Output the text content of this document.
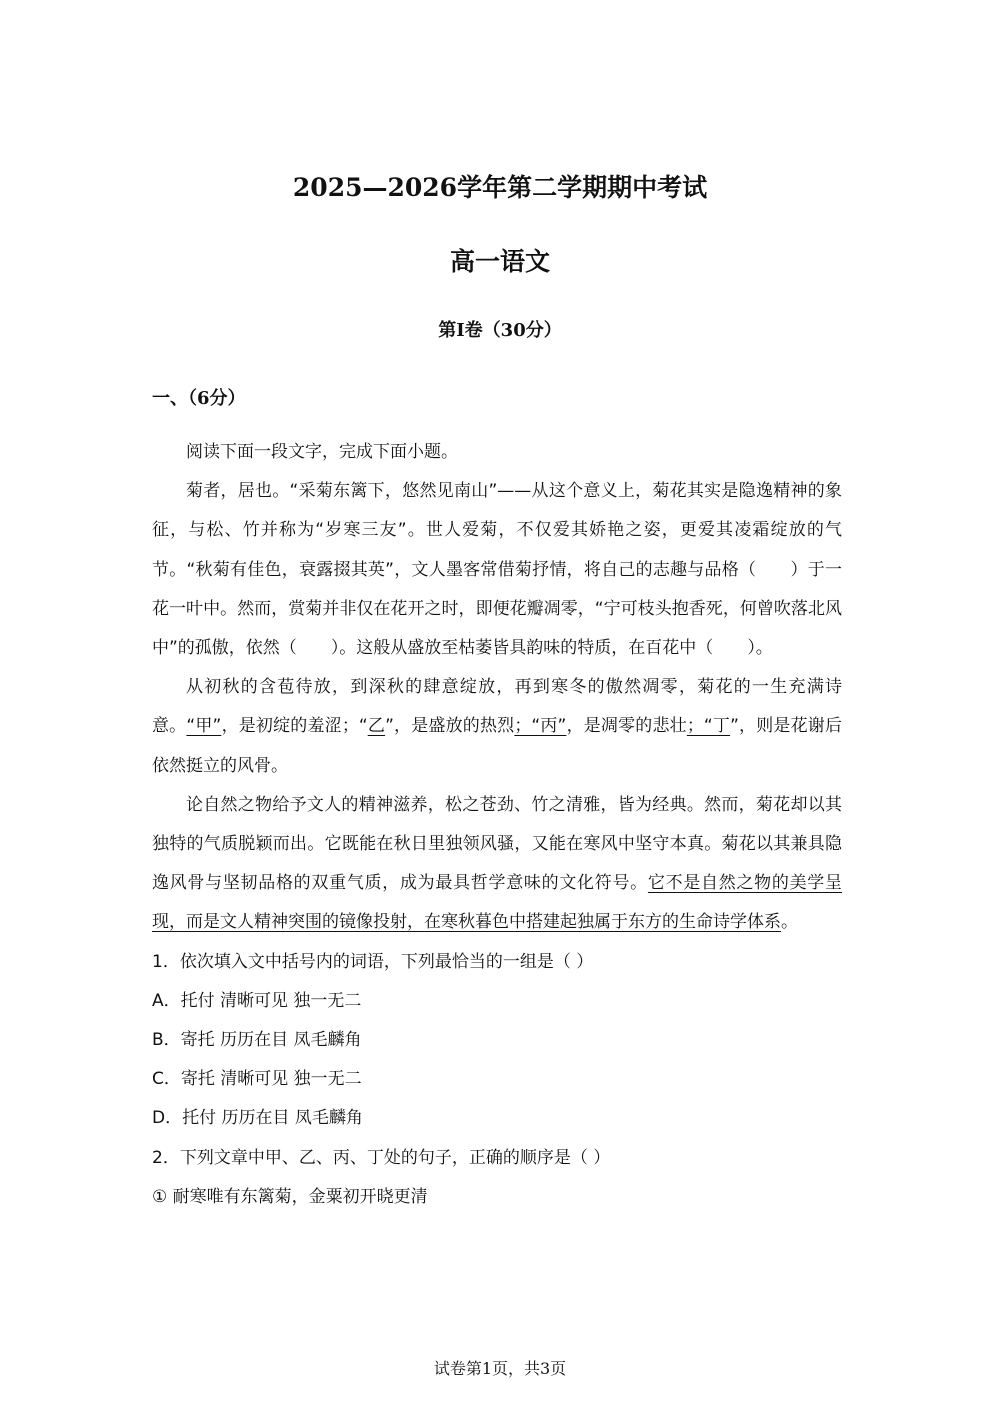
2025—2026学年第二学期期中考试
高一语文
第Ⅰ卷（30分）
一、（6分）

阅读下面一段文字，完成下面小题。

菊者，居也。“采菊东篱下，悠然见南山”——从这个意义上，菊花其实是隐逸精神的象征，与松、竹并称为“岁寒三友”。世人爱菊，不仅爱其娇艳之姿，更爱其凌霜绽放的气节。“秋菊有佳色，衰露掇其英”，文人墨客常借菊抒情，将自己的志趣与品格（ ）于一花一叶中。然而，赏菊并非仅在花开之时，即便花瓣凋零，“宁可枝头抱香死，何曾吹落北风中”的孤傲，依然（ ）。这般从盛放至枯萎皆具韵味的特质，在百花中（ ）。

从初秋的含苞待放，到深秋的肆意绽放，再到寒冬的傲然凋零，菊花的一生充满诗意。“甲”，是初绽的羞涩；“乙”，是盛放的热烈；“丙”，是凋零的悲壮；“丁”，则是花谢后依然挺立的风骨。

论自然之物给予文人的精神滋养，松之苍劲、竹之清雅，皆为经典。然而，菊花却以其独特的气质脱颖而出。它既能在秋日里独领风骚，又能在寒风中坚守本真。菊花以其兼具隐逸风骨与坚韧品格的双重气质，成为最具哲学意味的文化符号。它不是自然之物的美学呈现，而是文人精神突围的镜像投射，在寒秋暮色中搭建起独属于东方的生命诗学体系。

1．依次填入文中括号内的词语，下列最恰当的一组是（ ）

A．托付 清晰可见 独一无二

B．寄托 历历在目 凤毛麟角

C．寄托 清晰可见 独一无二

D．托付 历历在目 凤毛麟角

2．下列文章中甲、乙、丙、丁处的句子，正确的顺序是（ ）

① 耐寒唯有东篱菊，金粟初开晓更清

试卷第1页，共3页
